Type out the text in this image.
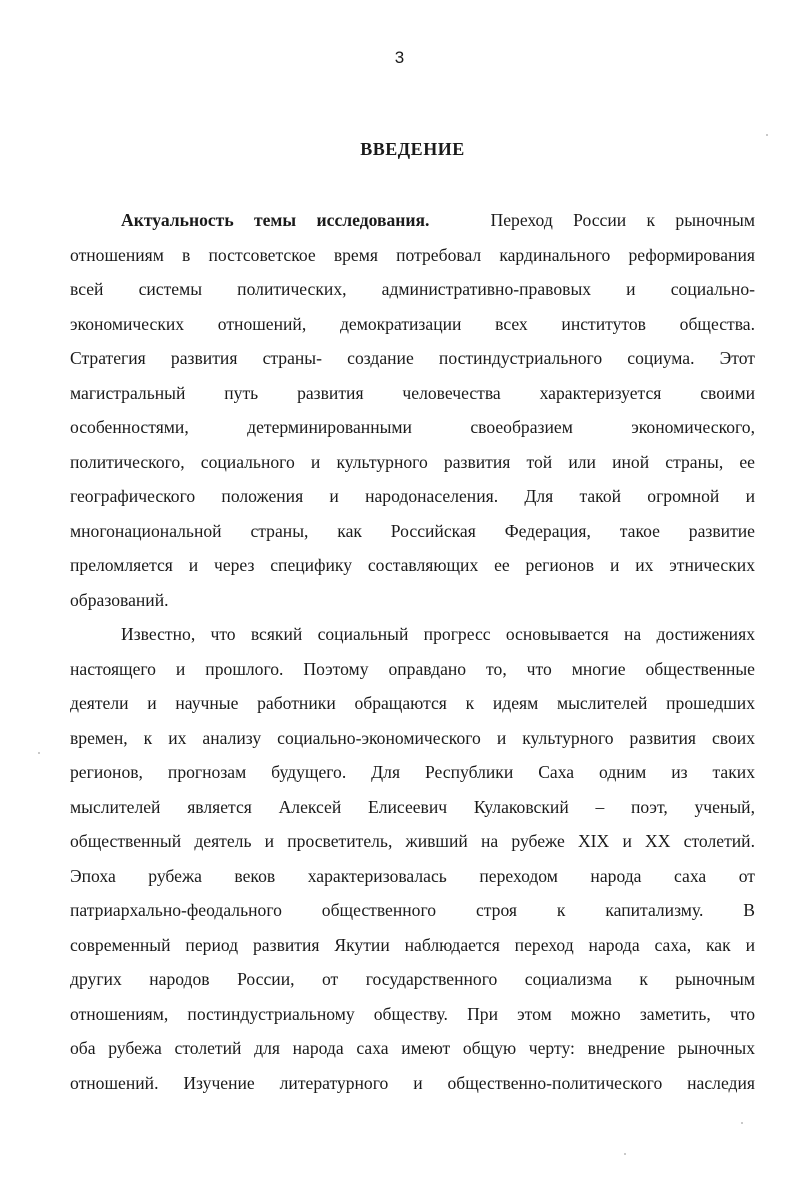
3
ВВЕДЕНИЕ
Актуальность темы исследования.	Переход России к рыночным
отношениям в постсоветское время потребовал кардинального реформирования
всей системы политических, административно-правовых и социально-
экономических отношений, демократизации всех институтов общества.
Стратегия развития страны- создание постиндустриального социума. Этот
магистральный путь развития человечества характеризуется своими
особенностями, детерминированными своеобразием экономического,
политического, социального и культурного развития той или иной страны, ее
географического положения и народонаселения. Для такой огромной и
многонациональной страны, как Российская Федерация, такое развитие
преломляется и через специфику составляющих ее регионов и их этнических
образований.
Известно, что всякий социальный прогресс основывается на достижениях
настоящего и прошлого. Поэтому оправдано то, что многие общественные
деятели и научные работники обращаются к идеям мыслителей прошедших
времен, к их анализу социально-экономического и культурного развития своих
регионов, прогнозам будущего. Для Республики Саха одним из таких
мыслителей является Алексей Елисеевич Кулаковский – поэт, ученый,
общественный деятель и просветитель, живший на рубеже XIX и XX столетий.
Эпоха рубежа веков характеризовалась переходом народа саха от
патриархально-феодального общественного строя к капитализму. В
современный период развития Якутии наблюдается переход народа саха, как и
других народов России, от государственного социализма к рыночным
отношениям, постиндустриальному обществу. При этом можно заметить, что
оба рубежа столетий для народа саха имеют общую черту: внедрение рыночных
отношений. Изучение литературного и общественно-политического наследия
